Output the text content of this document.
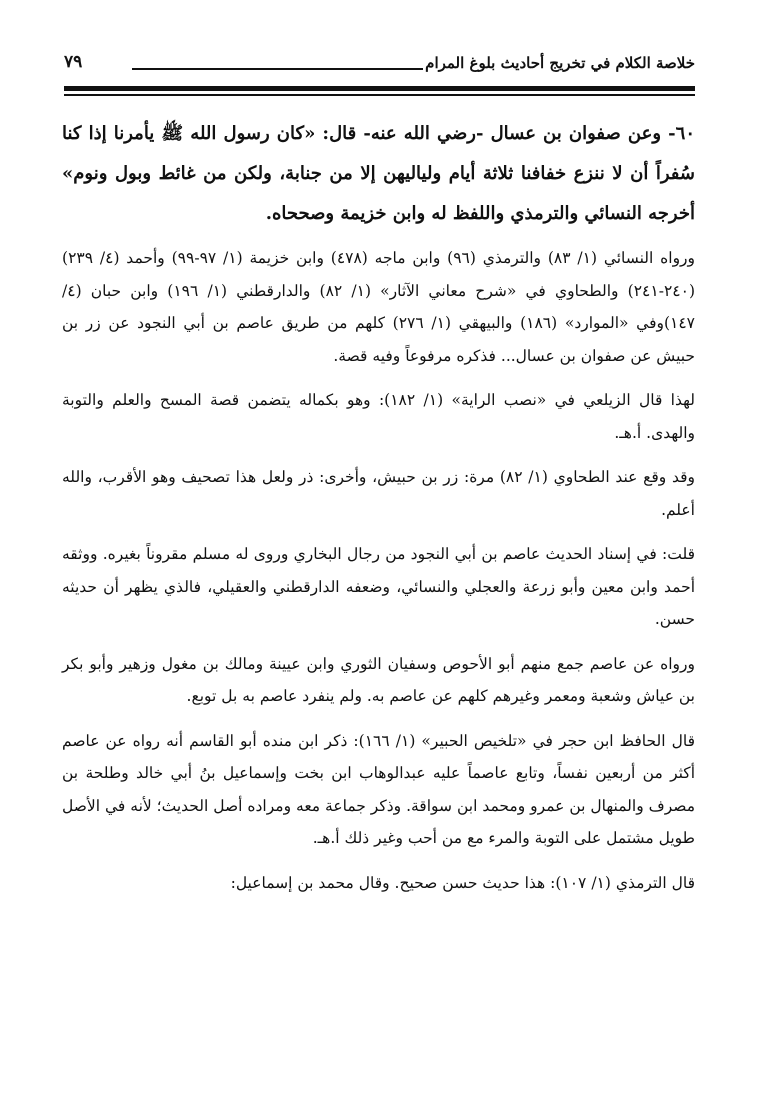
خلاصة الكلام في تخريج أحاديث بلوغ المرام
٧٩

٦٠- وعن صفوان بن عسال -رضي الله عنه- قال: «كان رسول الله ﷺ يأمرنا إذا كنا سُفراً أن لا ننزع خفافنا ثلاثة أيام ولياليهن إلا من جنابة، ولكن من غائط وبول ونوم» أخرجه النسائي والترمذي واللفظ له وابن خزيمة وصححاه.

ورواه النسائي (١/ ٨٣) والترمذي (٩٦) وابن ماجه (٤٧٨) وابن خزيمة (١/ ٩٧-٩٩) وأحمد (٤/ ٢٣٩) (٢٤٠-٢٤١) والطحاوي في «شرح معاني الآثار» (١/ ٨٢) والدارقطني (١/ ١٩٦) وابن حبان (٤/ ١٤٧)وفي «الموارد» (١٨٦) والبيهقي (١/ ٢٧٦) كلهم من طريق عاصم بن أبي النجود عن زر بن حبيش عن صفوان بن عسال... فذكره مرفوعاً وفيه قصة.

لهذا قال الزيلعي في «نصب الراية» (١/ ١٨٢): وهو بكماله يتضمن قصة المسح والعلم والتوبة والهدى. أ.هـ.

وقد وقع عند الطحاوي (١/ ٨٢) مرة: زر بن حبيش، وأخرى: ذر ولعل هذا تصحيف وهو الأقرب، والله أعلم.

قلت: في إسناد الحديث عاصم بن أبي النجود من رجال البخاري وروى له مسلم مقروناً بغيره. ووثقه أحمد وابن معين وأبو زرعة والعجلي والنسائي، وضعفه الدارقطني والعقيلي، فالذي يظهر أن حديثه حسن.

ورواه عن عاصم جمع منهم أبو الأحوص وسفيان الثوري وابن عيينة ومالك بن مغول وزهير وأبو بكر بن عياش وشعبة ومعمر وغيرهم كلهم عن عاصم به. ولم ينفرد عاصم به بل توبع.

قال الحافظ ابن حجر في «تلخيص الحبير» (١/ ١٦٦): ذكر ابن منده أبو القاسم أنه رواه عن عاصم أكثر من أربعين نفساً، وتابع عاصماً عليه عبدالوهاب ابن بخت وإسماعيل بنُ أبي خالد وطلحة بن مصرف والمنهال بن عمرو ومحمد ابن سواقة. وذكر جماعة معه ومراده أصل الحديث؛ لأنه في الأصل طويل مشتمل على التوبة والمرء مع من أحب وغير ذلك أ.هـ.

قال الترمذي (١/ ١٠٧): هذا حديث حسن صحيح. وقال محمد بن إسماعيل:
